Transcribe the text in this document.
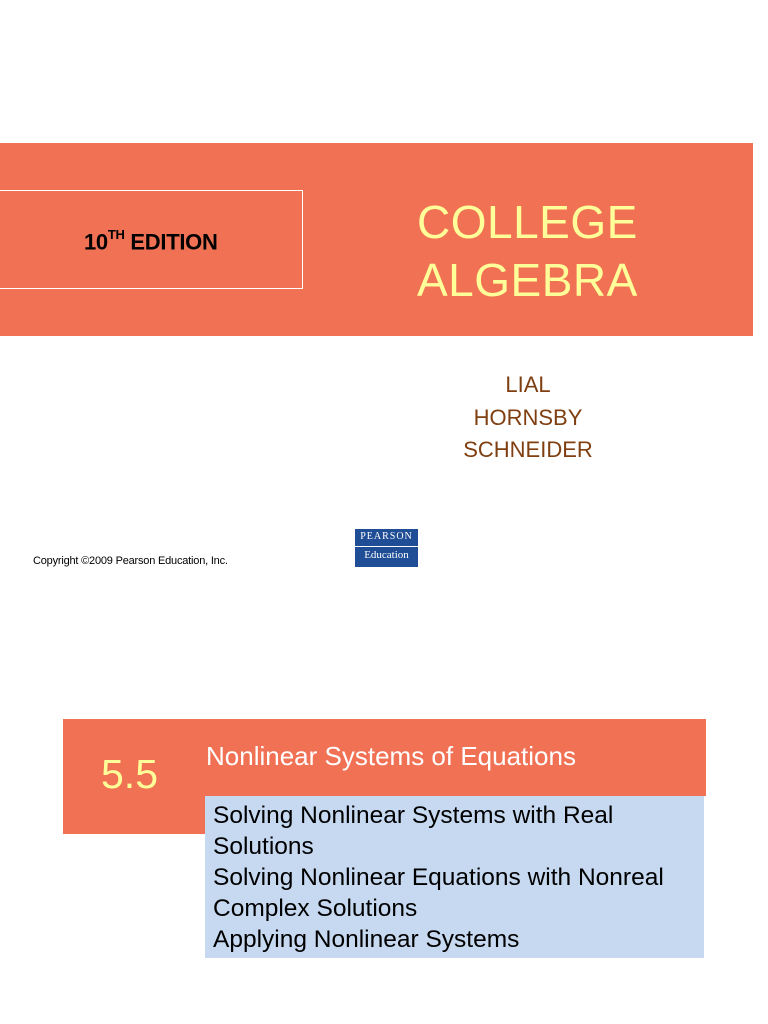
10TH EDITION	COLLEGE
ALGEBRA
LIAL
HORNSBY
SCHNEIDER
Copyright ©2009 Pearson Education, Inc.
PEARSON
Education
5.5 Nonlinear Systems of Equations
Solving Nonlinear Systems with Real Solutions
Solving Nonlinear Equations with Nonreal Complex Solutions
Applying Nonlinear Systems
